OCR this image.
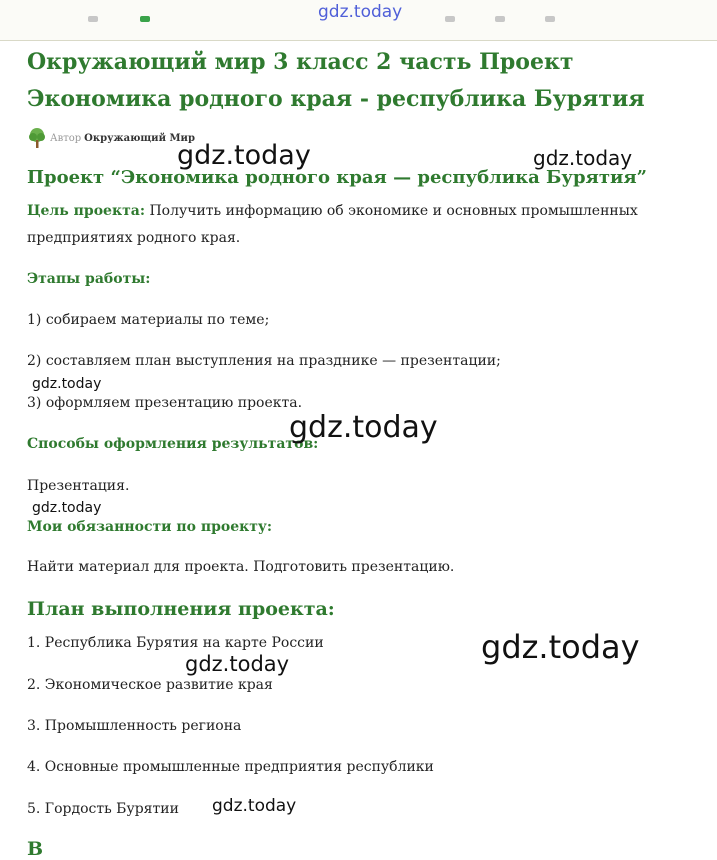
gdz.today
Окружающий мир 3 класс 2 часть Проект Экономика родного края - республика Бурятия
Автор Окружающий Мир
Проект “Экономика родного края — республика Бурятия”
Цель проекта: Получить информацию об экономике и основных промышленных предприятиях родного края.
Этапы работы:
1) собираем материалы по теме;
2) составляем план выступления на празднике — презентации;
3) оформляем презентацию проекта.
Способы оформления результатов:
Презентация.
Мои обязанности по проекту:
Найти материал для проекта. Подготовить презентацию.
План выполнения проекта:
1. Республика Бурятия на карте России
2. Экономическое развитие края
3. Промышленность региона
4. Основные промышленные предприятия республики
5. Гордость Бурятии
В
gdz.today	gdz.today
gdz.today
gdz.today
gdz.today
gdz.today
gdz.today
gdz.today
